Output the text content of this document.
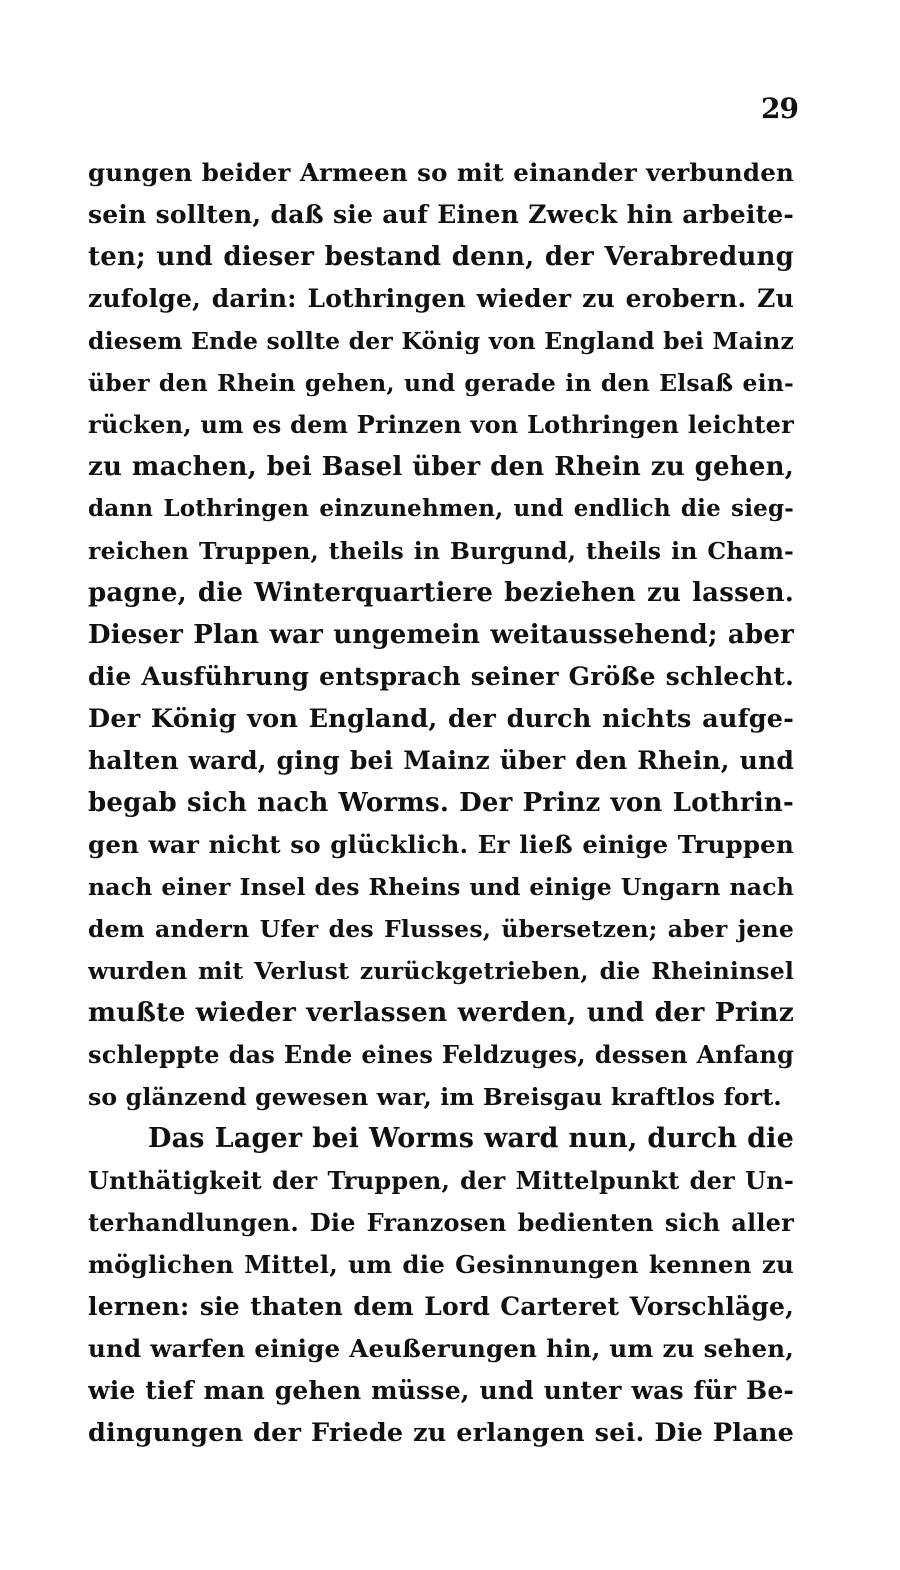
29
gungen beider Armeen so mit einander verbunden
sein sollten, daß sie auf Einen Zweck hin arbeite-
ten; und dieser bestand denn, der Verabredung
zufolge, darin: Lothringen wieder zu erobern. Zu
diesem Ende sollte der König von England bei Mainz
über den Rhein gehen, und gerade in den Elsaß ein-
rücken, um es dem Prinzen von Lothringen leichter
zu machen, bei Basel über den Rhein zu gehen,
dann Lothringen einzunehmen, und endlich die sieg-
reichen Truppen, theils in Burgund, theils in Cham-
pagne, die Winterquartiere beziehen zu lassen.
Dieser Plan war ungemein weitaussehend; aber
die Ausführung entsprach seiner Größe schlecht.
Der König von England, der durch nichts aufge-
halten ward, ging bei Mainz über den Rhein, und
begab sich nach Worms. Der Prinz von Lothrin-
gen war nicht so glücklich. Er ließ einige Truppen
nach einer Insel des Rheins und einige Ungarn nach
dem andern Ufer des Flusses, übersetzen; aber jene
wurden mit Verlust zurückgetrieben, die Rheininsel
mußte wieder verlassen werden, und der Prinz
schleppte das Ende eines Feldzuges, dessen Anfang
so glänzend gewesen war, im Breisgau kraftlos fort.
Das Lager bei Worms ward nun, durch die
Unthätigkeit der Truppen, der Mittelpunkt der Un-
terhandlungen. Die Franzosen bedienten sich aller
möglichen Mittel, um die Gesinnungen kennen zu
lernen: sie thaten dem Lord Carteret Vorschläge,
und warfen einige Aeußerungen hin, um zu sehen,
wie tief man gehen müsse, und unter was für Be-
dingungen der Friede zu erlangen sei. Die Plane
